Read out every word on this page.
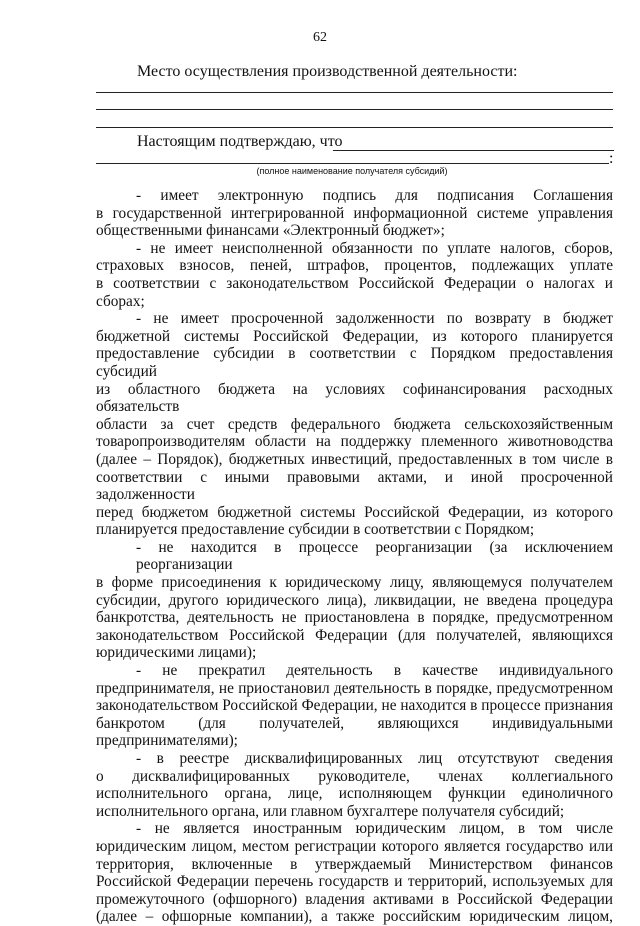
62
Место осуществления производственной деятельности:
Настоящим подтверждаю, что
:
(полное наименование получателя субсидий)

- имеет электронную подпись для подписания Соглашения
в государственной интегрированной информационной системе управления
общественными финансами «Электронный бюджет»;

- не имеет неисполненной обязанности по уплате налогов, сборов,
страховых взносов, пеней, штрафов, процентов, подлежащих уплате
в соответствии с законодательством Российской Федерации о налогах и сборах;

- не имеет просроченной задолженности по возврату в бюджет
бюджетной системы Российской Федерации, из которого планируется
предоставление субсидии в соответствии с Порядком предоставления субсидий
из областного бюджета на условиях софинансирования расходных обязательств
области за счет средств федерального бюджета сельскохозяйственным
товаропроизводителям области на поддержку племенного животноводства
(далее – Порядок), бюджетных инвестиций, предоставленных в том числе в
соответствии с иными правовыми актами, и иной просроченной задолженности
перед бюджетом бюджетной системы Российской Федерации, из которого
планируется предоставление субсидии в соответствии с Порядком;

- не находится в процессе реорганизации (за исключением реорганизации
в форме присоединения к юридическому лицу, являющемуся получателем
субсидии, другого юридического лица), ликвидации, не введена процедура
банкротства, деятельность не приостановлена в порядке, предусмотренном
законодательством Российской Федерации (для получателей, являющихся
юридическими лицами);

- не прекратил деятельность в качестве индивидуального
предпринимателя, не приостановил деятельность в порядке, предусмотренном
законодательством Российской Федерации, не находится в процессе признания
банкротом (для получателей, являющихся индивидуальными
предпринимателями);

- в реестре дисквалифицированных лиц отсутствуют сведения
о дисквалифицированных руководителе, членах коллегиального
исполнительного органа, лице, исполняющем функции единоличного
исполнительного органа, или главном бухгалтере получателя субсидий;

- не является иностранным юридическим лицом, в том числе
юридическим лицом, местом регистрации которого является государство или
территория, включенные в утверждаемый Министерством финансов
Российской Федерации перечень государств и территорий, используемых для
промежуточного (офшорного) владения активами в Российской Федерации
(далее – офшорные компании), а также российским юридическим лицом,
